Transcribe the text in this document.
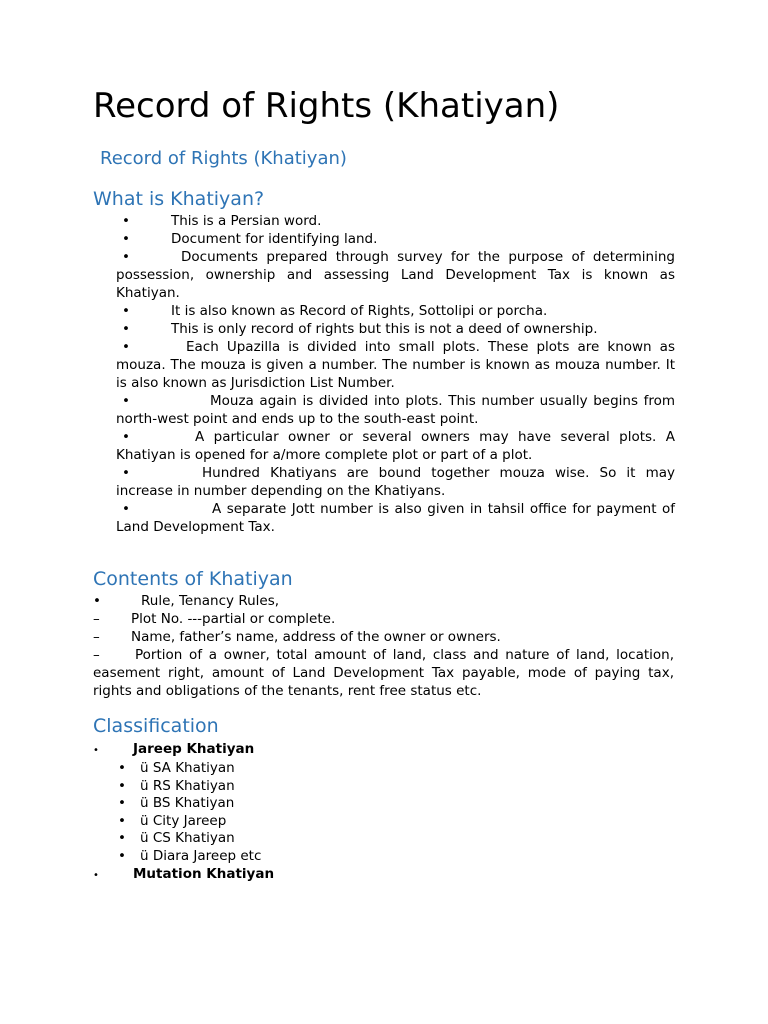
Record of Rights (Khatiyan)
Record of Rights (Khatiyan)
What is Khatiyan?
•	This is a Persian word.
•	Document for identifying land.
•	Documents prepared through survey for the purpose of determining possession, ownership and assessing Land Development Tax is known as Khatiyan.
•	It is also known as Record of Rights, Sottolipi or porcha.
•	This is only record of rights but this is not a deed of ownership.
•	Each Upazilla is divided into small plots. These plots are known as mouza. The mouza is given a number. The number is known as mouza number. It is also known as Jurisdiction List Number.
•	Mouza again is divided into plots. This number usually begins from north-west point and ends up to the south-east point.
•	A particular owner or several owners may have several plots. A Khatiyan is opened for a/more complete plot or part of a plot.
•	Hundred Khatiyans are bound together mouza wise. So it may increase in number depending on the Khatiyans.
•	A separate Jott number is also given in tahsil office for payment of Land Development Tax.
Contents of Khatiyan
•	Rule, Tenancy Rules,
– Plot No. ---partial or complete.
– Name, father’s name, address of the owner or owners.
–	Portion of a owner, total amount of land, class and nature of land, location, easement right, amount of Land Development Tax payable, mode of paying tax, rights and obligations of the tenants, rent free status etc.
Classification
•	Jareep Khatiyan
• ü SA Khatiyan
• ü RS Khatiyan
• ü BS Khatiyan
• ü City Jareep
• ü CS Khatiyan
• ü Diara Jareep etc
•	Mutation Khatiyan
